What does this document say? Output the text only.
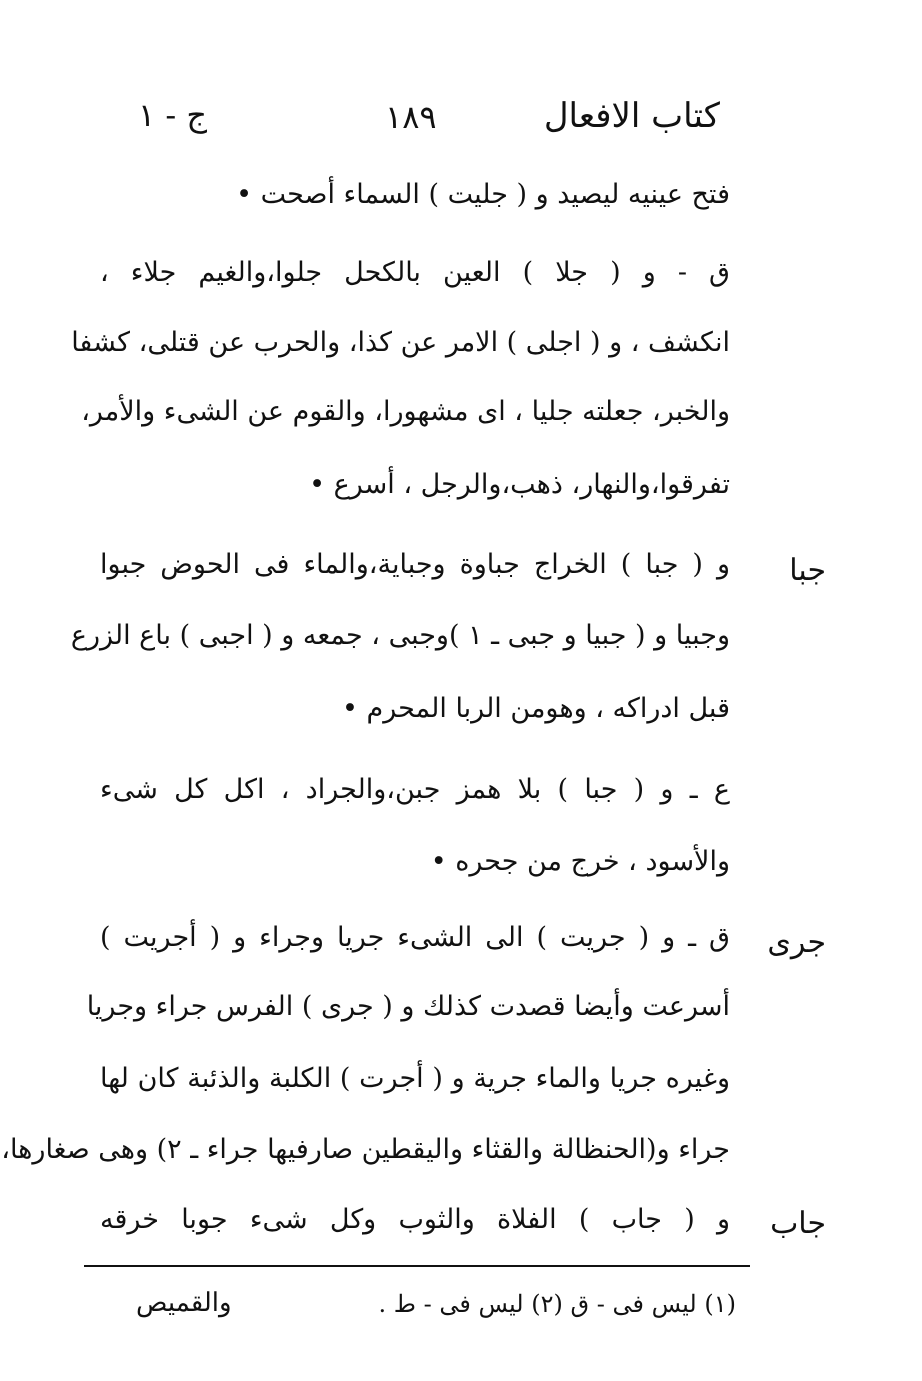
كتاب الافعال
١٨٩
ج - ١
فتح عينيه ليصيد و ( جليت ) السماء أصحت •
ق - و ( جلا ) العين بالكحل جلوا،والغيم جلاء ،
انكشف ، و ( اجلى ) الامر عن كذا، والحرب عن قتلى، كشفا
والخبر، جعلته جليا ، اى مشهورا، والقوم عن الشىء والأمر،
تفرقوا،والنهار، ذهب،والرجل ، أسرع •
و ( جبا ) الخراج جباوة وجباية،والماء فى الحوض جبوا
وجبيا و ( جبيا و جبى ـ ١ )وجبى ، جمعه و ( اجبى ) باع الزرع
قبل ادراكه ، وهومن الربا المحرم •
ع ـ و ( جبا ) بلا همز جبن،والجراد ، اكل كل شىء
والأسود ، خرج من جحره •
ق ـ و ( جريت ) الى الشىء جريا وجراء و ( أجريت )
أسرعت وأيضا قصدت كذلك و ( جرى ) الفرس جراء وجريا
وغيره جريا والماء جرية و ( أجرت ) الكلبة والذئبة كان لها
جراء و(الحنظالة والقثاء واليقطين صارفيها جراء ـ ٢) وهى صغارها،
و ( جاب ) الفلاة والثوب وكل شىء جوبا خرقه
جبا
جرى
جاب
(١) ليس فى - ق (٢) ليس فى - ط .
والقميص
